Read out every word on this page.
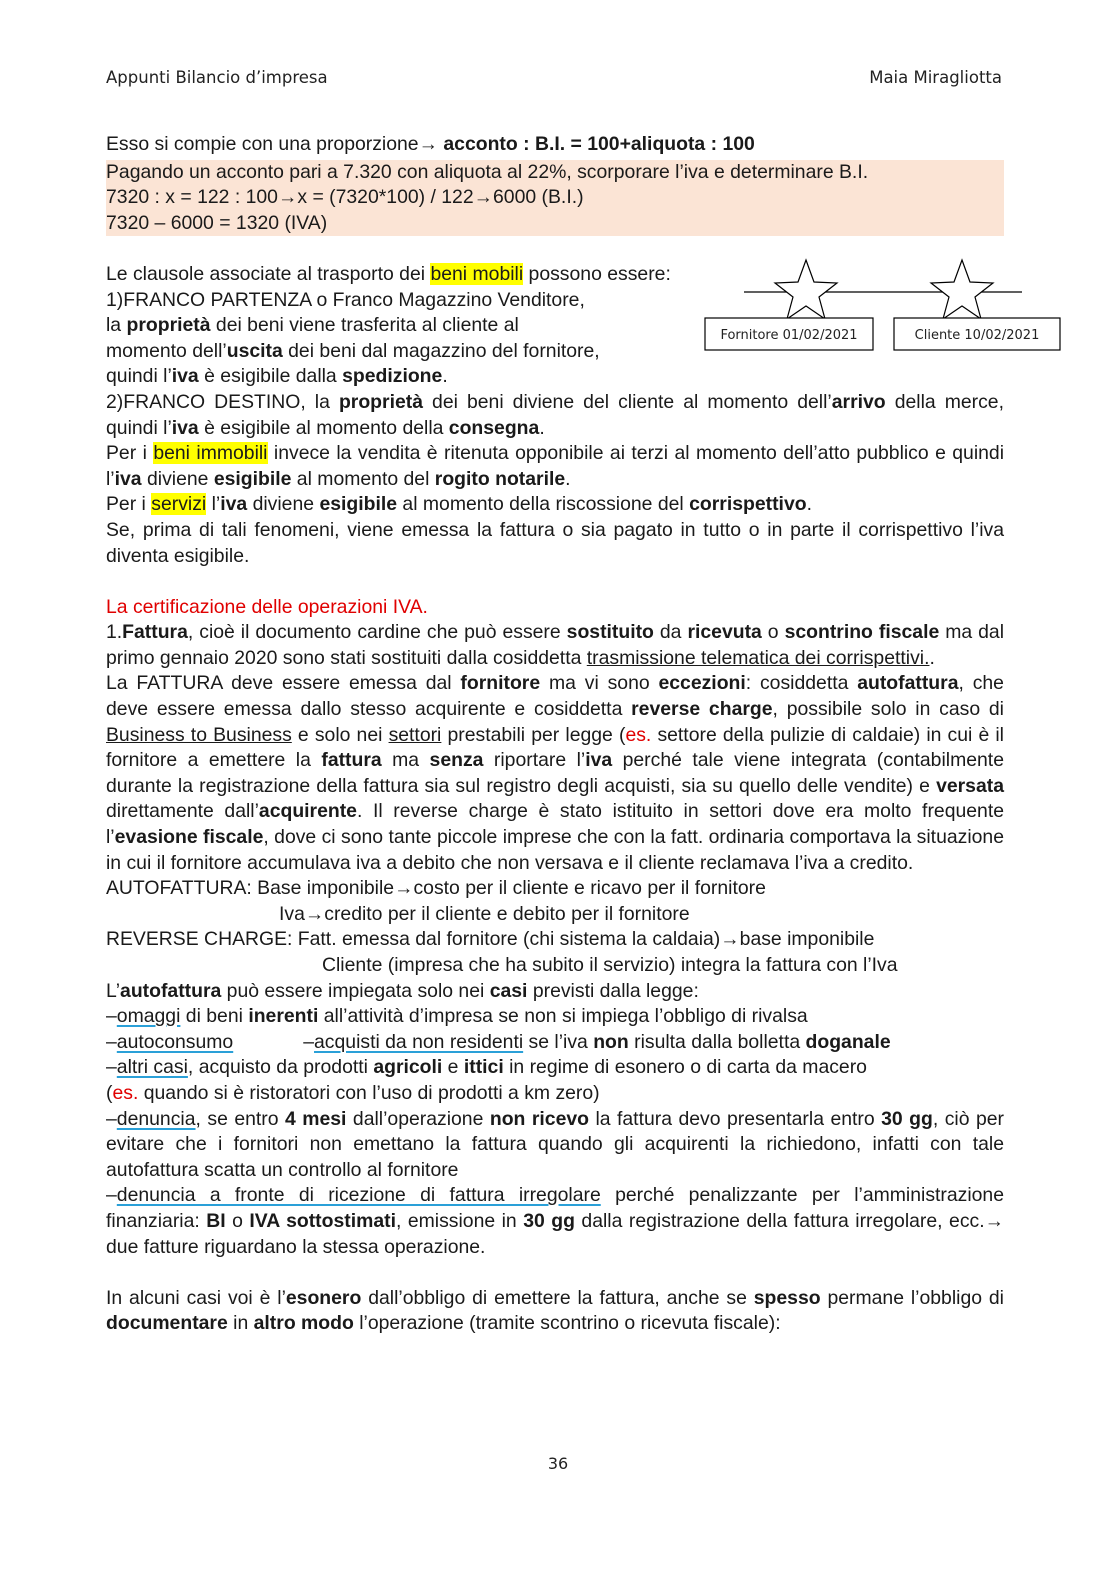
Appunti Bilancio d’impresa	Maia Miragliotta
Fornitore 01/02/2021	Cliente 10/02/2021

Esso si compie con una proporzione→ acconto : B.I. = 100+aliquota : 100

Pagando un acconto pari a 7.320 con aliquota al 22%, scorporare l’iva e determinare B.I.

7320 : x = 122 : 100→x = (7320*100) / 122→6000 (B.I.)

7320 – 6000 = 1320 (IVA)

Le clausole associate al trasporto dei beni mobili possono essere:

1)FRANCO PARTENZA o Franco Magazzino Venditore,

la proprietà dei beni viene trasferita al cliente al

momento dell’uscita dei beni dal magazzino del fornitore,

quindi l’iva è esigibile dalla spedizione.

2)FRANCO DESTINO, la proprietà dei beni diviene del cliente al momento dell’arrivo della merce, quindi l’iva è esigibile al momento della consegna.

Per i beni immobili invece la vendita è ritenuta opponibile ai terzi al momento dell’atto pubblico e quindi l’iva diviene esigibile al momento del rogito notarile.

Per i servizi l’iva diviene esigibile al momento della riscossione del corrispettivo.

Se, prima di tali fenomeni, viene emessa la fattura o sia pagato in tutto o in parte il corrispettivo l’iva diventa esigibile.

La certificazione delle operazioni IVA.

1.Fattura, cioè il documento cardine che può essere sostituito da ricevuta o scontrino fiscale ma dal primo gennaio 2020 sono stati sostituiti dalla cosiddetta trasmissione telematica dei corrispettivi..

La FATTURA deve essere emessa dal fornitore ma vi sono eccezioni: cosiddetta autofattura, che deve essere emessa dallo stesso acquirente e cosiddetta reverse charge, possibile solo in caso di Business to Business e solo nei settori prestabili per legge (es. settore della pulizie di caldaie) in cui è il fornitore a emettere la fattura ma senza riportare l’iva perché tale viene integrata (contabilmente durante la registrazione della fattura sia sul registro degli acquisti, sia su quello delle vendite) e versata direttamente dall’acquirente. Il reverse charge è stato istituito in settori dove era molto frequente l’evasione fiscale, dove ci sono tante piccole imprese che con la fatt. ordinaria comportava la situazione in cui il fornitore accumulava iva a debito che non versava e il cliente reclamava l’iva a credito.

AUTOFATTURA: Base imponibile→costo per il cliente e ricavo per il fornitore

Iva→credito per il cliente e debito per il fornitore

REVERSE CHARGE: Fatt. emessa dal fornitore (chi sistema la caldaia)→base imponibile

Cliente (impresa che ha subito il servizio) integra la fattura con l’Iva

L’autofattura può essere impiegata solo nei casi previsti dalla legge:

–omaggi di beni inerenti all’attività d’impresa se non si impiega l’obbligo di rivalsa

–autoconsumo	–acquisti da non residenti se l’iva non risulta dalla bolletta doganale

–altri casi, acquisto da prodotti agricoli e ittici in regime di esonero o di carta da macero

(es. quando si è ristoratori con l’uso di prodotti a km zero)

–denuncia, se entro 4 mesi dall’operazione non ricevo la fattura devo presentarla entro 30 gg, ciò per evitare che i fornitori non emettano la fattura quando gli acquirenti la richiedono, infatti con tale autofattura scatta un controllo al fornitore

–denuncia a fronte di ricezione di fattura irregolare perché penalizzante per l’amministrazione finanziaria: BI o IVA sottostimati, emissione in 30 gg dalla registrazione della fattura irregolare, ecc.→ due fatture riguardano la stessa operazione.

In alcuni casi voi è l’esonero dall’obbligo di emettere la fattura, anche se spesso permane l’obbligo di documentare in altro modo l’operazione (tramite scontrino o ricevuta fiscale):

36
